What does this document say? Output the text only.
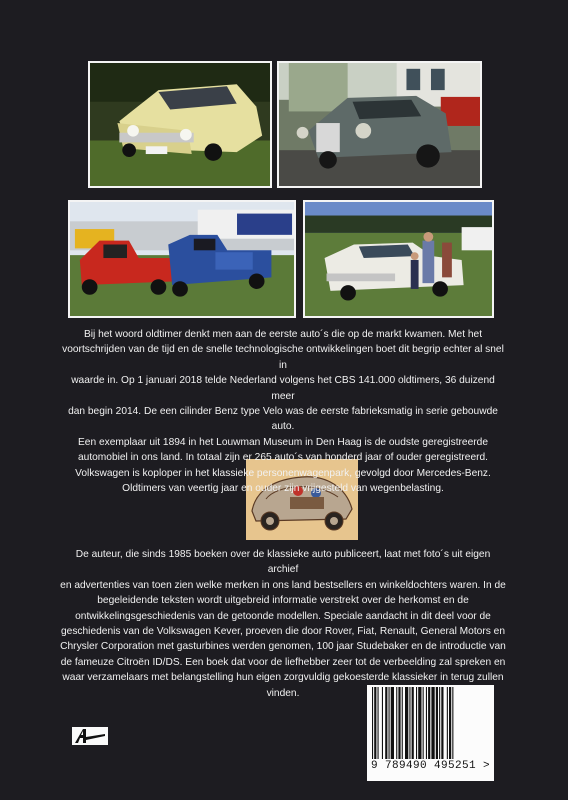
Bij het woord oldtimer denkt men aan de eerste auto´s die op de markt kwamen. Met het
voortschrijden van de tijd en de snelle technologische ontwikkelingen boet dit begrip echter al snel in
waarde in. Op 1 januari 2018 telde Nederland volgens het CBS 141.000 oldtimers, 36 duizend meer
dan begin 2014. De een cilinder Benz type Velo was de eerste fabrieksmatig in serie gebouwde auto.
Een exemplaar uit 1894 in het Louwman Museum in Den Haag is de oudste geregistreerde
automobiel in ons land. In totaal zijn er 265 auto´s van honderd jaar of ouder geregistreerd.
Volkswagen is koploper in het klassieke personenwagenpark, gevolgd door Mercedes-Benz.
Oldtimers van veertig jaar en ouder zijn vrijgesteld van wegenbelasting.
De auteur, die sinds 1985 boeken over de klassieke auto publiceert, laat met foto´s uit eigen archief
en advertenties van toen zien welke merken in ons land bestsellers en winkeldochters waren. In de
begeleidende teksten wordt uitgebreid informatie verstrekt over de herkomst en de
ontwikkelingsgeschiedenis van de getoonde modellen. Speciale aandacht in dit deel voor de
geschiedenis van de Volkswagen Kever, proeven die door Rover, Fiat, Renault, General Motors en
Chrysler Corporation met gasturbines werden genomen, 100 jaar Studebaker en de introductie van
de fameuze Citroën ID/DS. Een boek dat voor de liefhebber zeer tot de verbeelding zal spreken en
waar verzamelaars met belangstelling hun eigen zorgvuldig gekoesterde klassieker in terug zullen
vinden.
9 789490 495251 >
